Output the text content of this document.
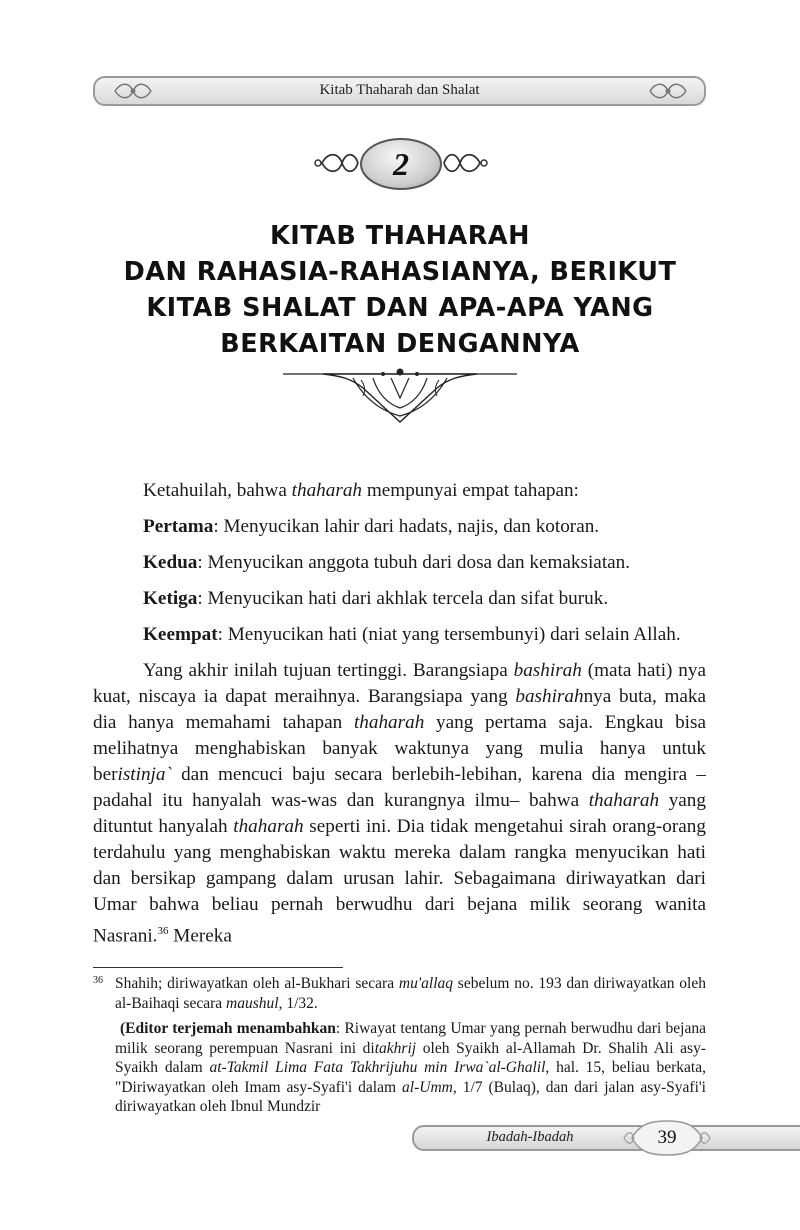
Kitab Thaharah dan Shalat
2
KITAB THAHARAH
DAN RAHASIA-RAHASIANYA, BERIKUT
KITAB SHALAT DAN APA-APA YANG
BERKAITAN DENGANNYA

Ketahuilah, bahwa thaharah mempunyai empat tahapan:

Pertama: Menyucikan lahir dari hadats, najis, dan kotoran.

Kedua: Menyucikan anggota tubuh dari dosa dan kemaksiatan.

Ketiga: Menyucikan hati dari akhlak tercela dan sifat buruk.

Keempat: Menyucikan hati (niat yang tersembunyi) dari selain Allah.

Yang akhir inilah tujuan tertinggi. Barangsiapa bashirah (mata hati) nya kuat, niscaya ia dapat meraihnya. Barangsiapa yang bashirahnya buta, maka dia hanya memahami tahapan thaharah yang pertama saja. Engkau bisa melihatnya menghabiskan banyak waktunya yang mulia hanya untuk beristinja` dan mencuci baju secara berlebih-lebihan, karena dia mengira –padahal itu hanyalah was-was dan kurangnya ilmu– bahwa thaharah yang dituntut hanyalah thaharah seperti ini. Dia tidak mengetahui sirah orang-orang terdahulu yang menghabiskan waktu mereka dalam rangka menyucikan hati dan bersikap gampang dalam urusan lahir. Sebagaimana diriwayatkan dari Umar bahwa beliau pernah berwudhu dari bejana milik seorang wanita Nasrani.$^{36}$ Mereka

36 Shahih; diriwayatkan oleh al-Bukhari secara mu'allaq sebelum no. 193 dan diriwayatkan oleh al-Baihaqi secara maushul, 1/32.
(Editor terjemah menambahkan: Riwayat tentang Umar yang pernah berwudhu dari bejana milik seorang perempuan Nasrani ini ditakhrij oleh Syaikh al-Allamah Dr. Shalih Ali asy-Syaikh dalam at-Takmil Lima Fata Takhrijuhu min Irwa`al-Ghalil, hal. 15, beliau berkata, "Diriwayatkan oleh Imam asy-Syafi'i dalam al-Umm, 1/7 (Bulaq), dan dari jalan asy-Syafi'i diriwayatkan oleh Ibnul Mundzir
Ibadah-Ibadah	39
